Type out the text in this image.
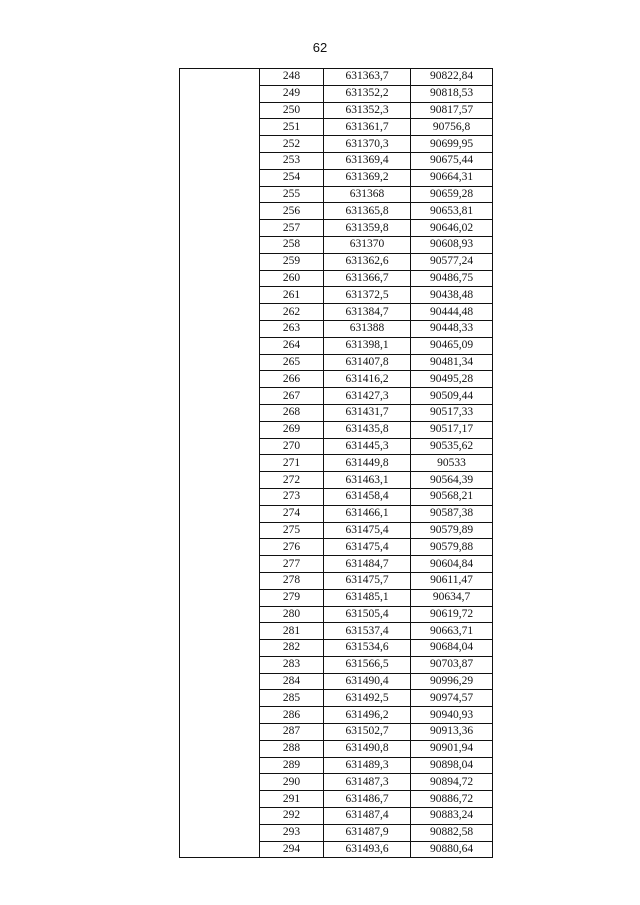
62
	248	631363,7	90822,84
	249	631352,2	90818,53
	250	631352,3	90817,57
	251	631361,7	90756,8
	252	631370,3	90699,95
	253	631369,4	90675,44
	254	631369,2	90664,31
	255	631368	90659,28
	256	631365,8	90653,81
	257	631359,8	90646,02
	258	631370	90608,93
	259	631362,6	90577,24
	260	631366,7	90486,75
	261	631372,5	90438,48
	262	631384,7	90444,48
	263	631388	90448,33
	264	631398,1	90465,09
	265	631407,8	90481,34
	266	631416,2	90495,28
	267	631427,3	90509,44
	268	631431,7	90517,33
	269	631435,8	90517,17
	270	631445,3	90535,62
	271	631449,8	90533
	272	631463,1	90564,39
	273	631458,4	90568,21
	274	631466,1	90587,38
	275	631475,4	90579,89
	276	631475,4	90579,88
	277	631484,7	90604,84
	278	631475,7	90611,47
	279	631485,1	90634,7
	280	631505,4	90619,72
	281	631537,4	90663,71
	282	631534,6	90684,04
	283	631566,5	90703,87
	284	631490,4	90996,29
	285	631492,5	90974,57
	286	631496,2	90940,93
	287	631502,7	90913,36
	288	631490,8	90901,94
	289	631489,3	90898,04
	290	631487,3	90894,72
	291	631486,7	90886,72
	292	631487,4	90883,24
	293	631487,9	90882,58
	294	631493,6	90880,64
